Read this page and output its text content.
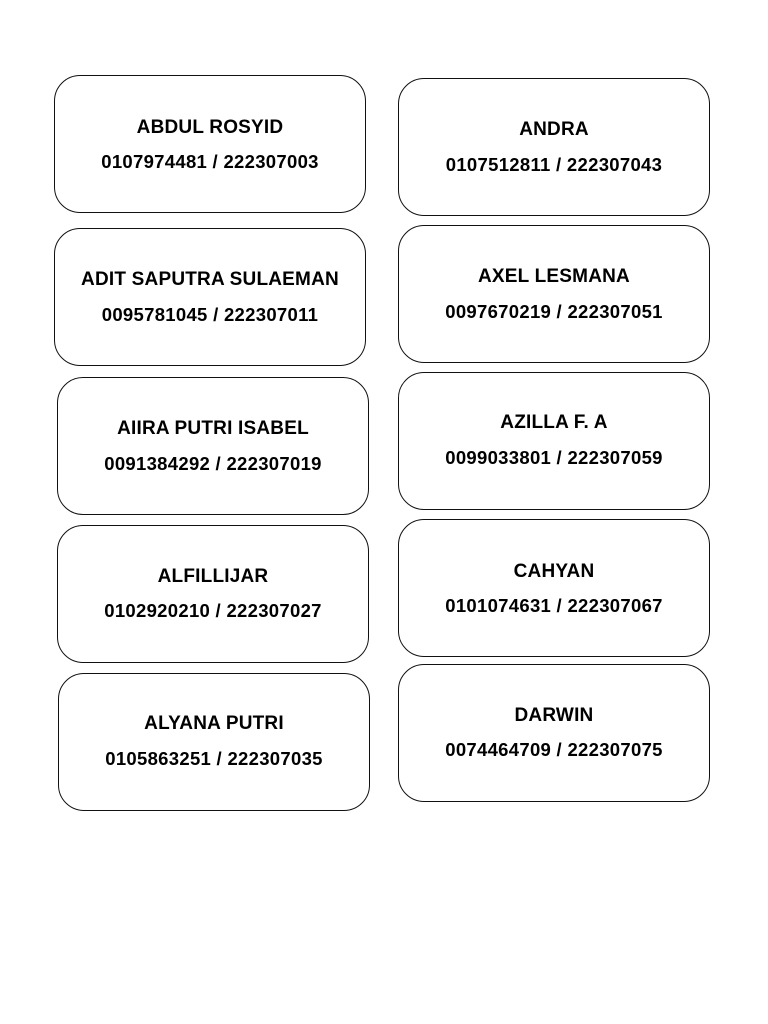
ABDUL ROSYID
0107974481 / 222307003
ADIT SAPUTRA SULAEMAN
0095781045 / 222307011
AIIRA PUTRI ISABEL
0091384292 / 222307019
ALFILLIJAR
0102920210 / 222307027
ALYANA PUTRI
0105863251 / 222307035
ANDRA
0107512811 / 222307043
AXEL LESMANA
0097670219 / 222307051
AZILLA F. A
0099033801 / 222307059
CAHYAN
0101074631 / 222307067
DARWIN
0074464709 / 222307075
